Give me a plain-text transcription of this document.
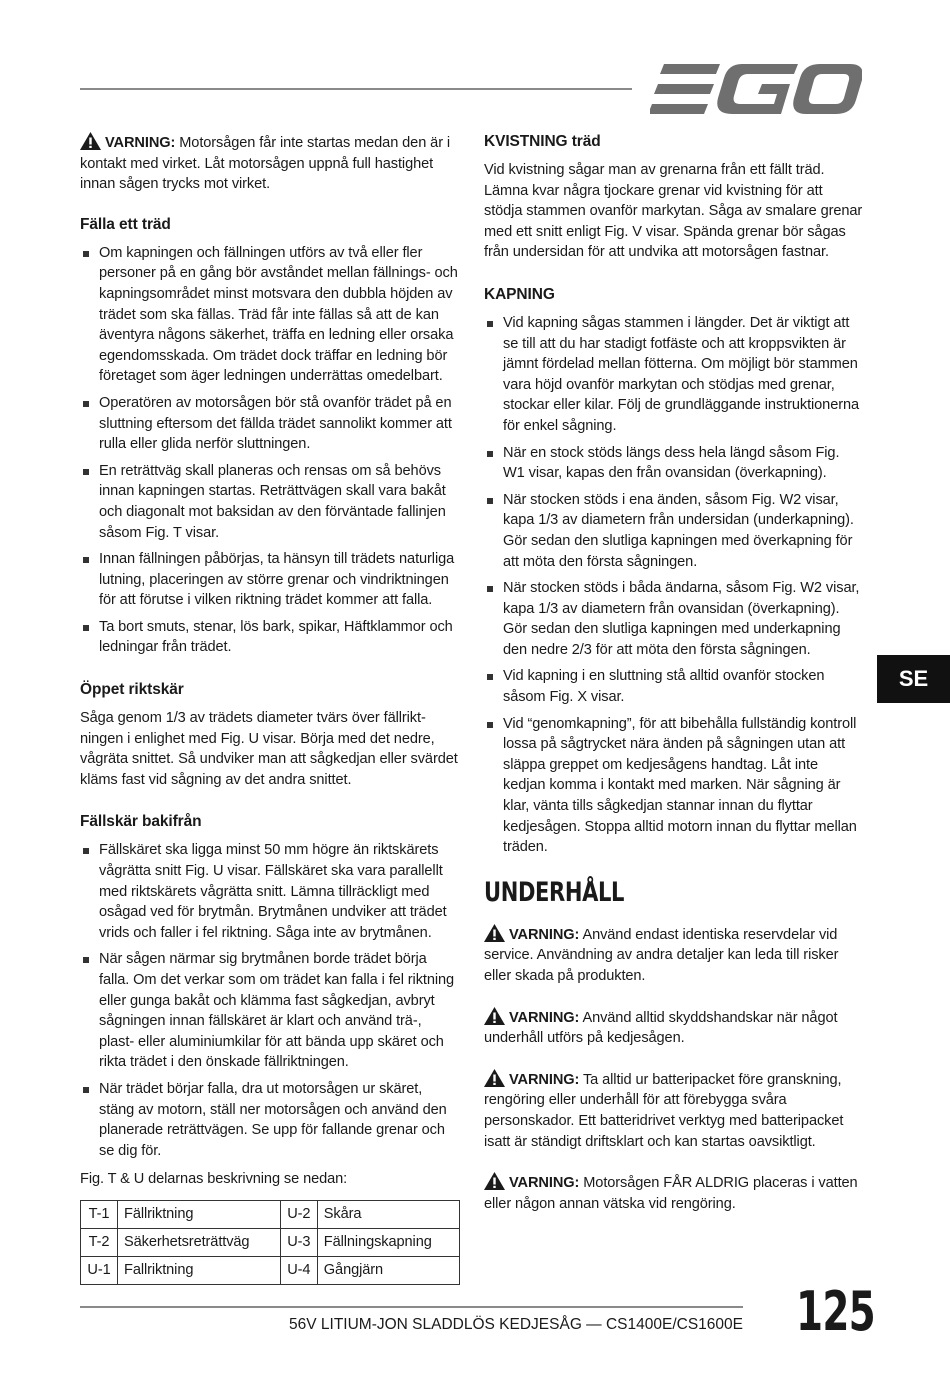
VARNING: Motorsågen får inte startas medan den är i kontakt med virket. Låt motorsågen uppnå full hastighet innan sågen trycks mot virket.

Fälla ett träd
Om kapningen och fällningen utförs av två eller fler personer på en gång bör avståndet mellan fällnings- och kapningsområdet minst motsvara den dubbla höjden av trädet som ska fällas. Träd får inte fällas så att de kan äventyra någons säkerhet, träffa en ledning eller orsaka egendomsskada. Om trädet dock träffar en ledning bör företaget som äger ledningen underrättas omedelbart.
Operatören av motorsågen bör stå ovanför trädet på en sluttning eftersom det fällda trädet sannolikt kommer att rulla eller glida nerför sluttningen.
En reträttväg skall planeras och rensas om så behövs innan kapningen startas. Reträttvägen skall vara bakåt och diagonalt mot baksidan av den förväntade fallinjen såsom Fig. T visar.
Innan fällningen påbörjas, ta hänsyn till trädets naturliga lutning, placeringen av större grenar och vindriktningen för att förutse i vilken riktning trädet kommer att falla.
Ta bort smuts, stenar, lös bark, spikar, Häftklammor och ledningar från trädet.
Öppet riktskär

Såga genom 1/3 av trädets diameter tvärs över fällrikt-ningen i enlighet med Fig. U visar. Börja med det nedre, vågräta snittet. Så undviker man att sågkedjan eller svärdet kläms fast vid sågning av det andra snittet.

Fällskär bakifrån
Fällskäret ska ligga minst 50 mm högre än riktskärets vågrätta snitt Fig. U visar. Fällskäret ska vara parallellt med riktskärets vågrätta snitt. Lämna tillräckligt med osågad ved för brytmån. Brytmånen undviker att trädet vrids och faller i fel riktning. Såga inte av brytmånen.
När sågen närmar sig brytmånen borde trädet börja falla. Om det verkar som om trädet kan falla i fel riktning eller gunga bakåt och klämma fast sågkedjan, avbryt sågningen innan fällskäret är klart och använd trä-, plast- eller aluminiumkilar för att bända upp skäret och rikta trädet i den önskade fällriktningen.
När trädet börjar falla, dra ut motorsågen ur skäret, stäng av motorn, ställ ner motorsågen och använd den planerade reträttvägen. Se upp för fallande grenar och se dig för.

Fig. T & U delarnas beskrivning se nedan:

T-1	Fällriktning	U-2	Skåra
T-2	Säkerhetsreträttväg	U-3	Fällningskapning
U-1	Fallriktning	U-4	Gångjärn
KVISTNING träd

Vid kvistning sågar man av grenarna från ett fällt träd. Lämna kvar några tjockare grenar vid kvistning för att stödja stammen ovanför markytan. Såga av smalare grenar med ett snitt enligt Fig. V visar. Spända grenar bör sågas från undersidan för att undvika att motorsågen fastnar.

KAPNING
Vid kapning sågas stammen i längder. Det är viktigt att se till att du har stadigt fotfäste och att kroppsvikten är jämnt fördelad mellan fötterna. Om möjligt bör stammen vara höjd ovanför markytan och stödjas med grenar, stockar eller kilar. Följ de grundläggande instruktionerna för enkel sågning.
När en stock stöds längs dess hela längd såsom Fig. W1 visar, kapas den från ovansidan (överkapning).
När stocken stöds i ena änden, såsom Fig. W2 visar, kapa 1/3 av diametern från undersidan (underkapning). Gör sedan den slutliga kapningen med överkapning för att möta den första sågningen.
När stocken stöds i båda ändarna, såsom Fig. W2 visar, kapa 1/3 av diametern från ovansidan (överkapning). Gör sedan den slutliga kapningen med underkapning den nedre 2/3 för att möta den första sågningen.
Vid kapning i en sluttning stå alltid ovanför stocken såsom Fig. X visar.
Vid “genomkapning”, för att bibehålla fullständig kontroll lossa på sågtrycket nära änden på sågningen utan att släppa greppet om kedjesågens handtag. Låt inte kedjan komma i kontakt med marken. När sågning är klar, vänta tills sågkedjan stannar innan du flyttar kedjesågen. Stoppa alltid motorn innan du flyttar mellan träden.
UNDERHÅLL

VARNING: Använd endast identiska reservdelar vid service. Användning av andra detaljer kan leda till risker eller skada på produkten.

VARNING: Använd alltid skyddshandskar när något underhåll utförs på kedjesågen.

VARNING: Ta alltid ur batteripacket före granskning, rengöring eller underhåll för att förebygga svåra personskador. Ett batteridrivet verktyg med batteripacket isatt är ständigt driftsklart och kan startas oavsiktligt.

VARNING: Motorsågen FÅR ALDRIG placeras i vatten eller någon annan vätska vid rengöring.

SE
56V LITIUM-JON SLADDLÖS KEDJESÅG — CS1400E/CS1600E 125
